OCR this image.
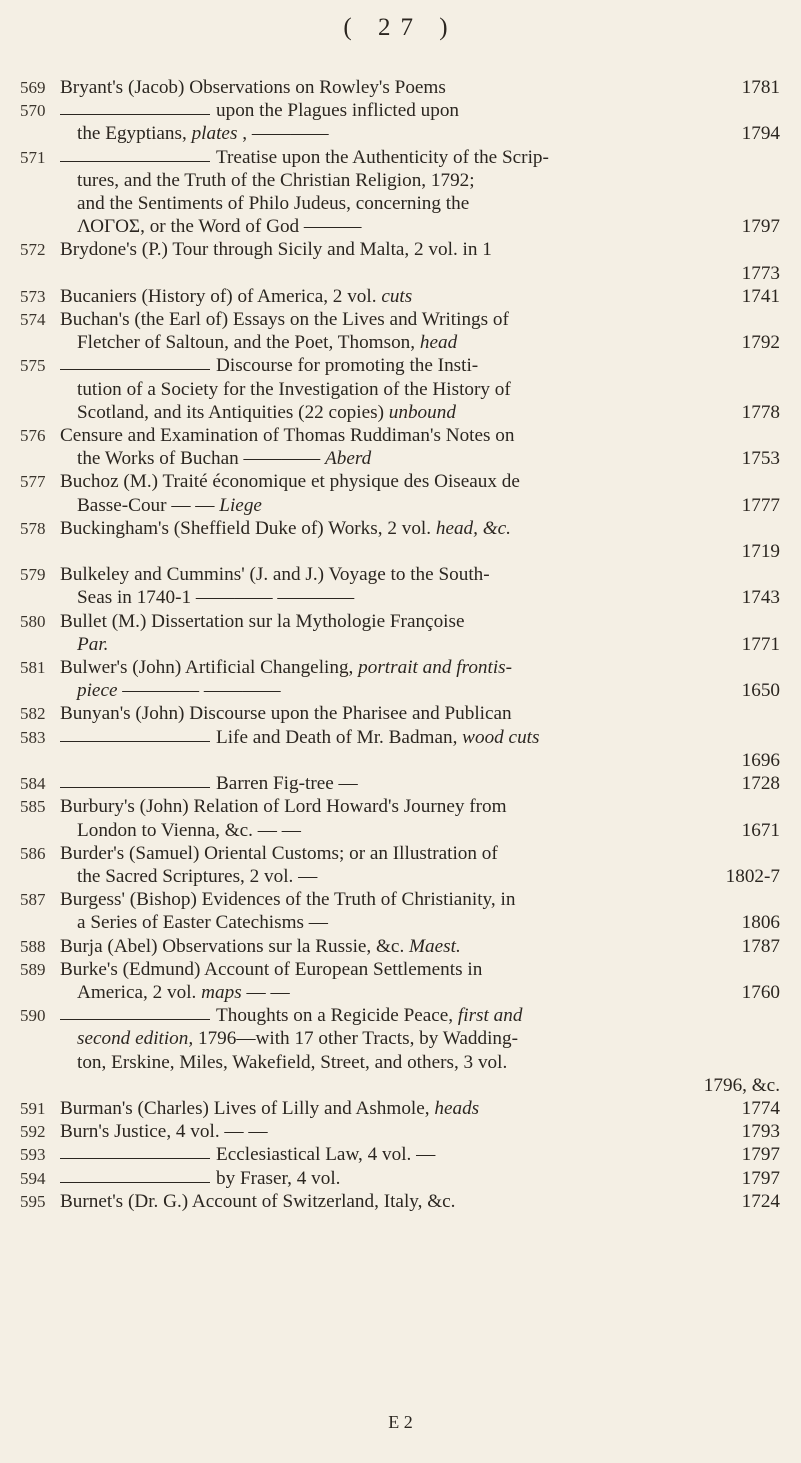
( 27 )
569 Bryant's (Jacob) Observations on Rowley's Poems	1781
570	upon the Plagues inflicted upon
the Egyptians, plates , ————	1794
571	Treatise upon the Authenticity of the Scrip-
tures, and the Truth of the Christian Religion, 1792;
and the Sentiments of Philo Judeus, concerning the
ΛΟΓΟΣ, or the Word of God ———	1797
572 Brydone's (P.) Tour through Sicily and Malta, 2 vol. in 1
1773
573 Bucaniers (History of) of America, 2 vol. cuts	1741
574 Buchan's (the Earl of) Essays on the Lives and Writings of
Fletcher of Saltoun, and the Poet, Thomson, head	1792
575	Discourse for promoting the Insti-
tution of a Society for the Investigation of the History of
Scotland, and its Antiquities (22 copies) unbound	1778
576 Censure and Examination of Thomas Ruddiman's Notes on
the Works of Buchan ———— Aberd	1753
577 Buchoz (M.) Traité économique et physique des Oiseaux de
Basse-Cour — — Liege	1777
578 Buckingham's (Sheffield Duke of) Works, 2 vol. head, &c.
1719
579 Bulkeley and Cummins' (J. and J.) Voyage to the South-
Seas in 1740-1 ———— ————	1743
580 Bullet (M.) Dissertation sur la Mythologie Françoise
Par.	1771
581 Bulwer's (John) Artificial Changeling, portrait and frontis-
piece ———— ————	1650
582 Bunyan's (John) Discourse upon the Pharisee and Publican
583	Life and Death of Mr. Badman, wood cuts
1696
584	Barren Fig-tree —	1728
585 Burbury's (John) Relation of Lord Howard's Journey from
London to Vienna, &c. — —	1671
586 Burder's (Samuel) Oriental Customs; or an Illustration of
the Sacred Scriptures, 2 vol. —	1802-7
587 Burgess' (Bishop) Evidences of the Truth of Christianity, in
a Series of Easter Catechisms —	1806
588 Burja (Abel) Observations sur la Russie, &c. Maest.	1787
589 Burke's (Edmund) Account of European Settlements in
America, 2 vol. maps — —	1760
590	Thoughts on a Regicide Peace, first and
second edition, 1796—with 17 other Tracts, by Wadding-
ton, Erskine, Miles, Wakefield, Street, and others, 3 vol.
1796, &c.
591 Burman's (Charles) Lives of Lilly and Ashmole, heads	1774
592 Burn's Justice, 4 vol. — —	1793
593	Ecclesiastical Law, 4 vol. —	1797
594	by Fraser, 4 vol.	1797
595 Burnet's (Dr. G.) Account of Switzerland, Italy, &c.	1724
E 2
